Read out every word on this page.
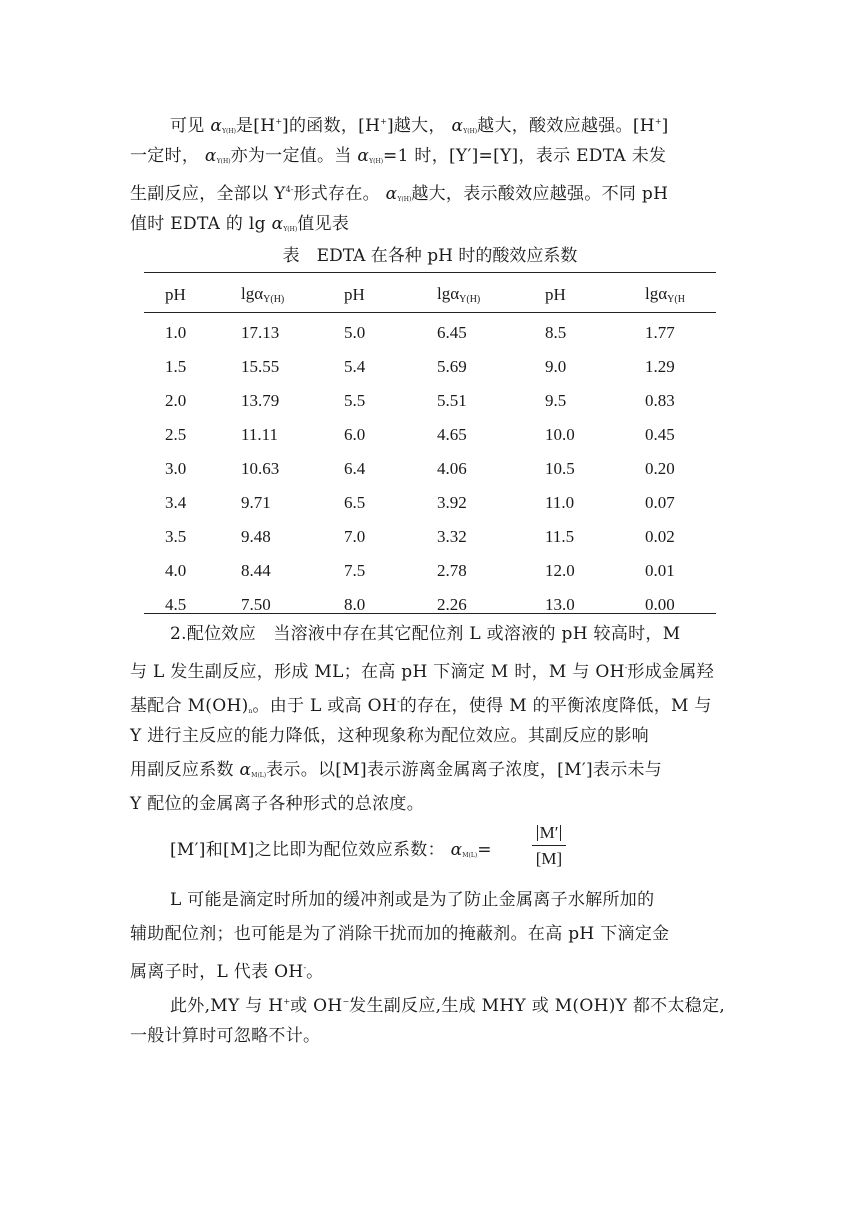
可见 $\alpha_{Y(H)}$是[H+]的函数，[H+]越大， $\alpha_{Y(H)}$越大，酸效应越强。[H+]
一定时， $\alpha_{Y(H)}$亦为一定值。当 $\alpha_{Y(H)}=1$ 时，[Y′]=[Y]，表示 EDTA 未发
生副反应，全部以 $Y^{4-}$形式存在。 $\alpha_{Y(H)}$越大，表示酸效应越强。不同 pH
值时 EDTA 的 $\lg \alpha_{Y(H)}$值见表
表　EDTA 在各种 pH 时的酸效应系数
pH	lgαY(H)	pH	lgαY(H)	pH	lgαY(H
1.0	17.13	5.0	6.45	8.5	1.77
1.5	15.55	5.4	5.69	9.0	1.29
2.0	13.79	5.5	5.51	9.5	0.83
2.5	11.11	6.0	4.65	10.0	0.45
3.0	10.63	6.4	4.06	10.5	0.20
3.4	9.71	6.5	3.92	11.0	0.07
3.5	9.48	7.0	3.32	11.5	0.02
4.0	8.44	7.5	2.78	12.0	0.01
4.5	7.50	8.0	2.26	13.0	0.00
2.配位效应　当溶液中存在其它配位剂 L 或溶液的 pH 较高时，M
与 L 发生副反应，形成 ML；在高 pH 下滴定 M 时，M 与 OH-形成金属羟
基配合 $M(OH)_n$。由于 L 或高 OH-的存在，使得 M 的平衡浓度降低，M 与
Y 进行主反应的能力降低，这种现象称为配位效应。其副反应的影响
用副反应系数 $\alpha_{M(L)}$表示。以[M]表示游离金属离子浓度，[M′]表示未与
Y 配位的金属离子各种形式的总浓度。
[M′]和[M]之比即为配位效应系数： $\alpha_{M(L)}=$
M′
[M]
L 可能是滴定时所加的缓冲剂或是为了防止金属离子水解所加的
辅助配位剂；也可能是为了消除干扰而加的掩蔽剂。在高 pH 下滴定金
属离子时，L 代表 OH-。
此外,MY 与 H+或 OH−发生副反应,生成 MHY 或 M(OH)Y 都不太稳定,
一般计算时可忽略不计。
